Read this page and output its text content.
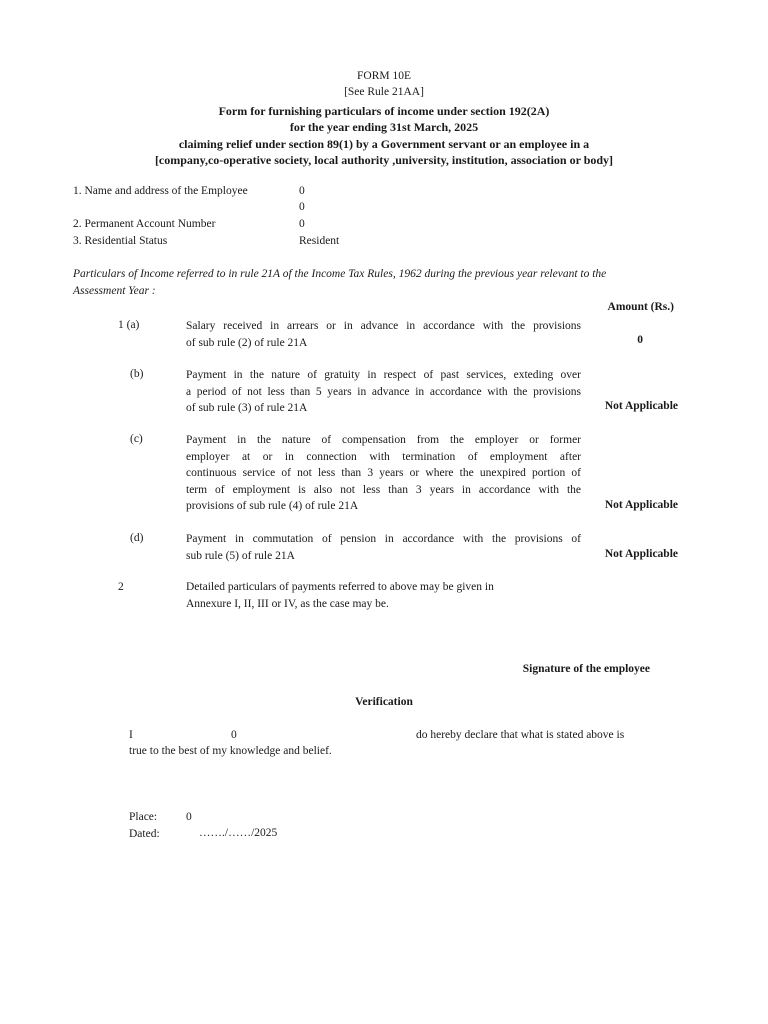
FORM 10E
[See Rule 21AA]
Form for furnishing particulars of income under section 192(2A)
for the year ending 31st March, 2025
claiming relief under section 89(1) by a Government servant or an employee in a
[company,co-operative society, local authority ,university, institution, association or body]
1. Name and address of the Employee	0
0
2. Permanent Account Number	0
3. Residential Status	Resident
Particulars of Income referred to in rule 21A of the Income Tax Rules, 1962 during the previous year relevant to the
Assessment Year :
Amount (Rs.)
1 (a)	Salary received in arrears or in advance in accordance with the provisions
of sub rule (2) of rule 21A	0
(b)	Payment in the nature of gratuity in respect of past services, exteding over
a period of not less than 5 years in advance in accordance with the provisions
of sub rule (3) of rule 21A	Not Applicable
(c)	Payment in the nature of compensation from the employer or former
employer at or in connection with termination of employment after
continuous service of not less than 3 years or where the unexpired portion of
term of employment is also not less than 3 years in accordance with the
provisions of sub rule (4) of rule 21A	Not Applicable
(d)	Payment in commutation of pension in accordance with the provisions of
sub rule (5) of rule 21A	Not Applicable
2	Detailed particulars of payments referred to above may be given in
Annexure I, II, III or IV, as the case may be.
Signature of the employee
Verification
I	0	do hereby declare that what is stated above is
true to the best of my knowledge and belief.
Place:	0
Dated:	……./……/2025
